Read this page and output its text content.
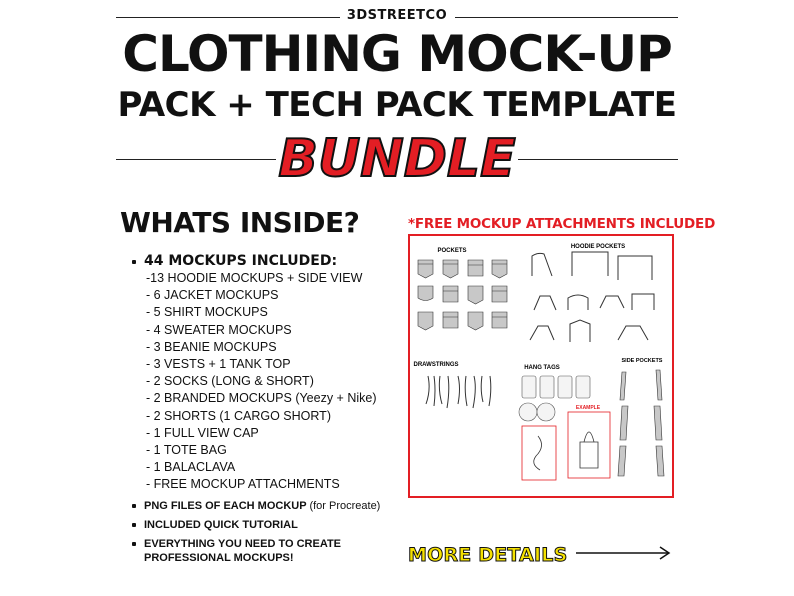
3DSTREETCO
CLOTHING MOCK-UP
PACK + TECH PACK TEMPLATE
BUNDLE
WHATS INSIDE?
44 MOCKUPS INCLUDED:
-13 HOODIE MOCKUPS + SIDE VIEW
- 6 JACKET MOCKUPS
- 5 SHIRT MOCKUPS
- 4 SWEATER MOCKUPS
- 3 BEANIE MOCKUPS
- 3 VESTS + 1 TANK TOP
- 2 SOCKS (LONG & SHORT)
- 2 BRANDED MOCKUPS (Yeezy + Nike)
- 2 SHORTS (1 CARGO SHORT)
- 1 FULL VIEW CAP
- 1 TOTE BAG
- 1 BALACLAVA
- FREE MOCKUP ATTACHMENTS
PNG FILES OF EACH MOCKUP (for Procreate)
INCLUDED QUICK TUTORIAL
EVERYTHING YOU NEED TO CREATE
PROFESSIONAL MOCKUPS!
*FREE MOCKUP ATTACHMENTS INCLUDED
POCKETS
HOODIE POCKETS
DRAWSTRINGS	HANG TAGS
SIDE POCKETS
EXAMPLE
MORE DETAILS
